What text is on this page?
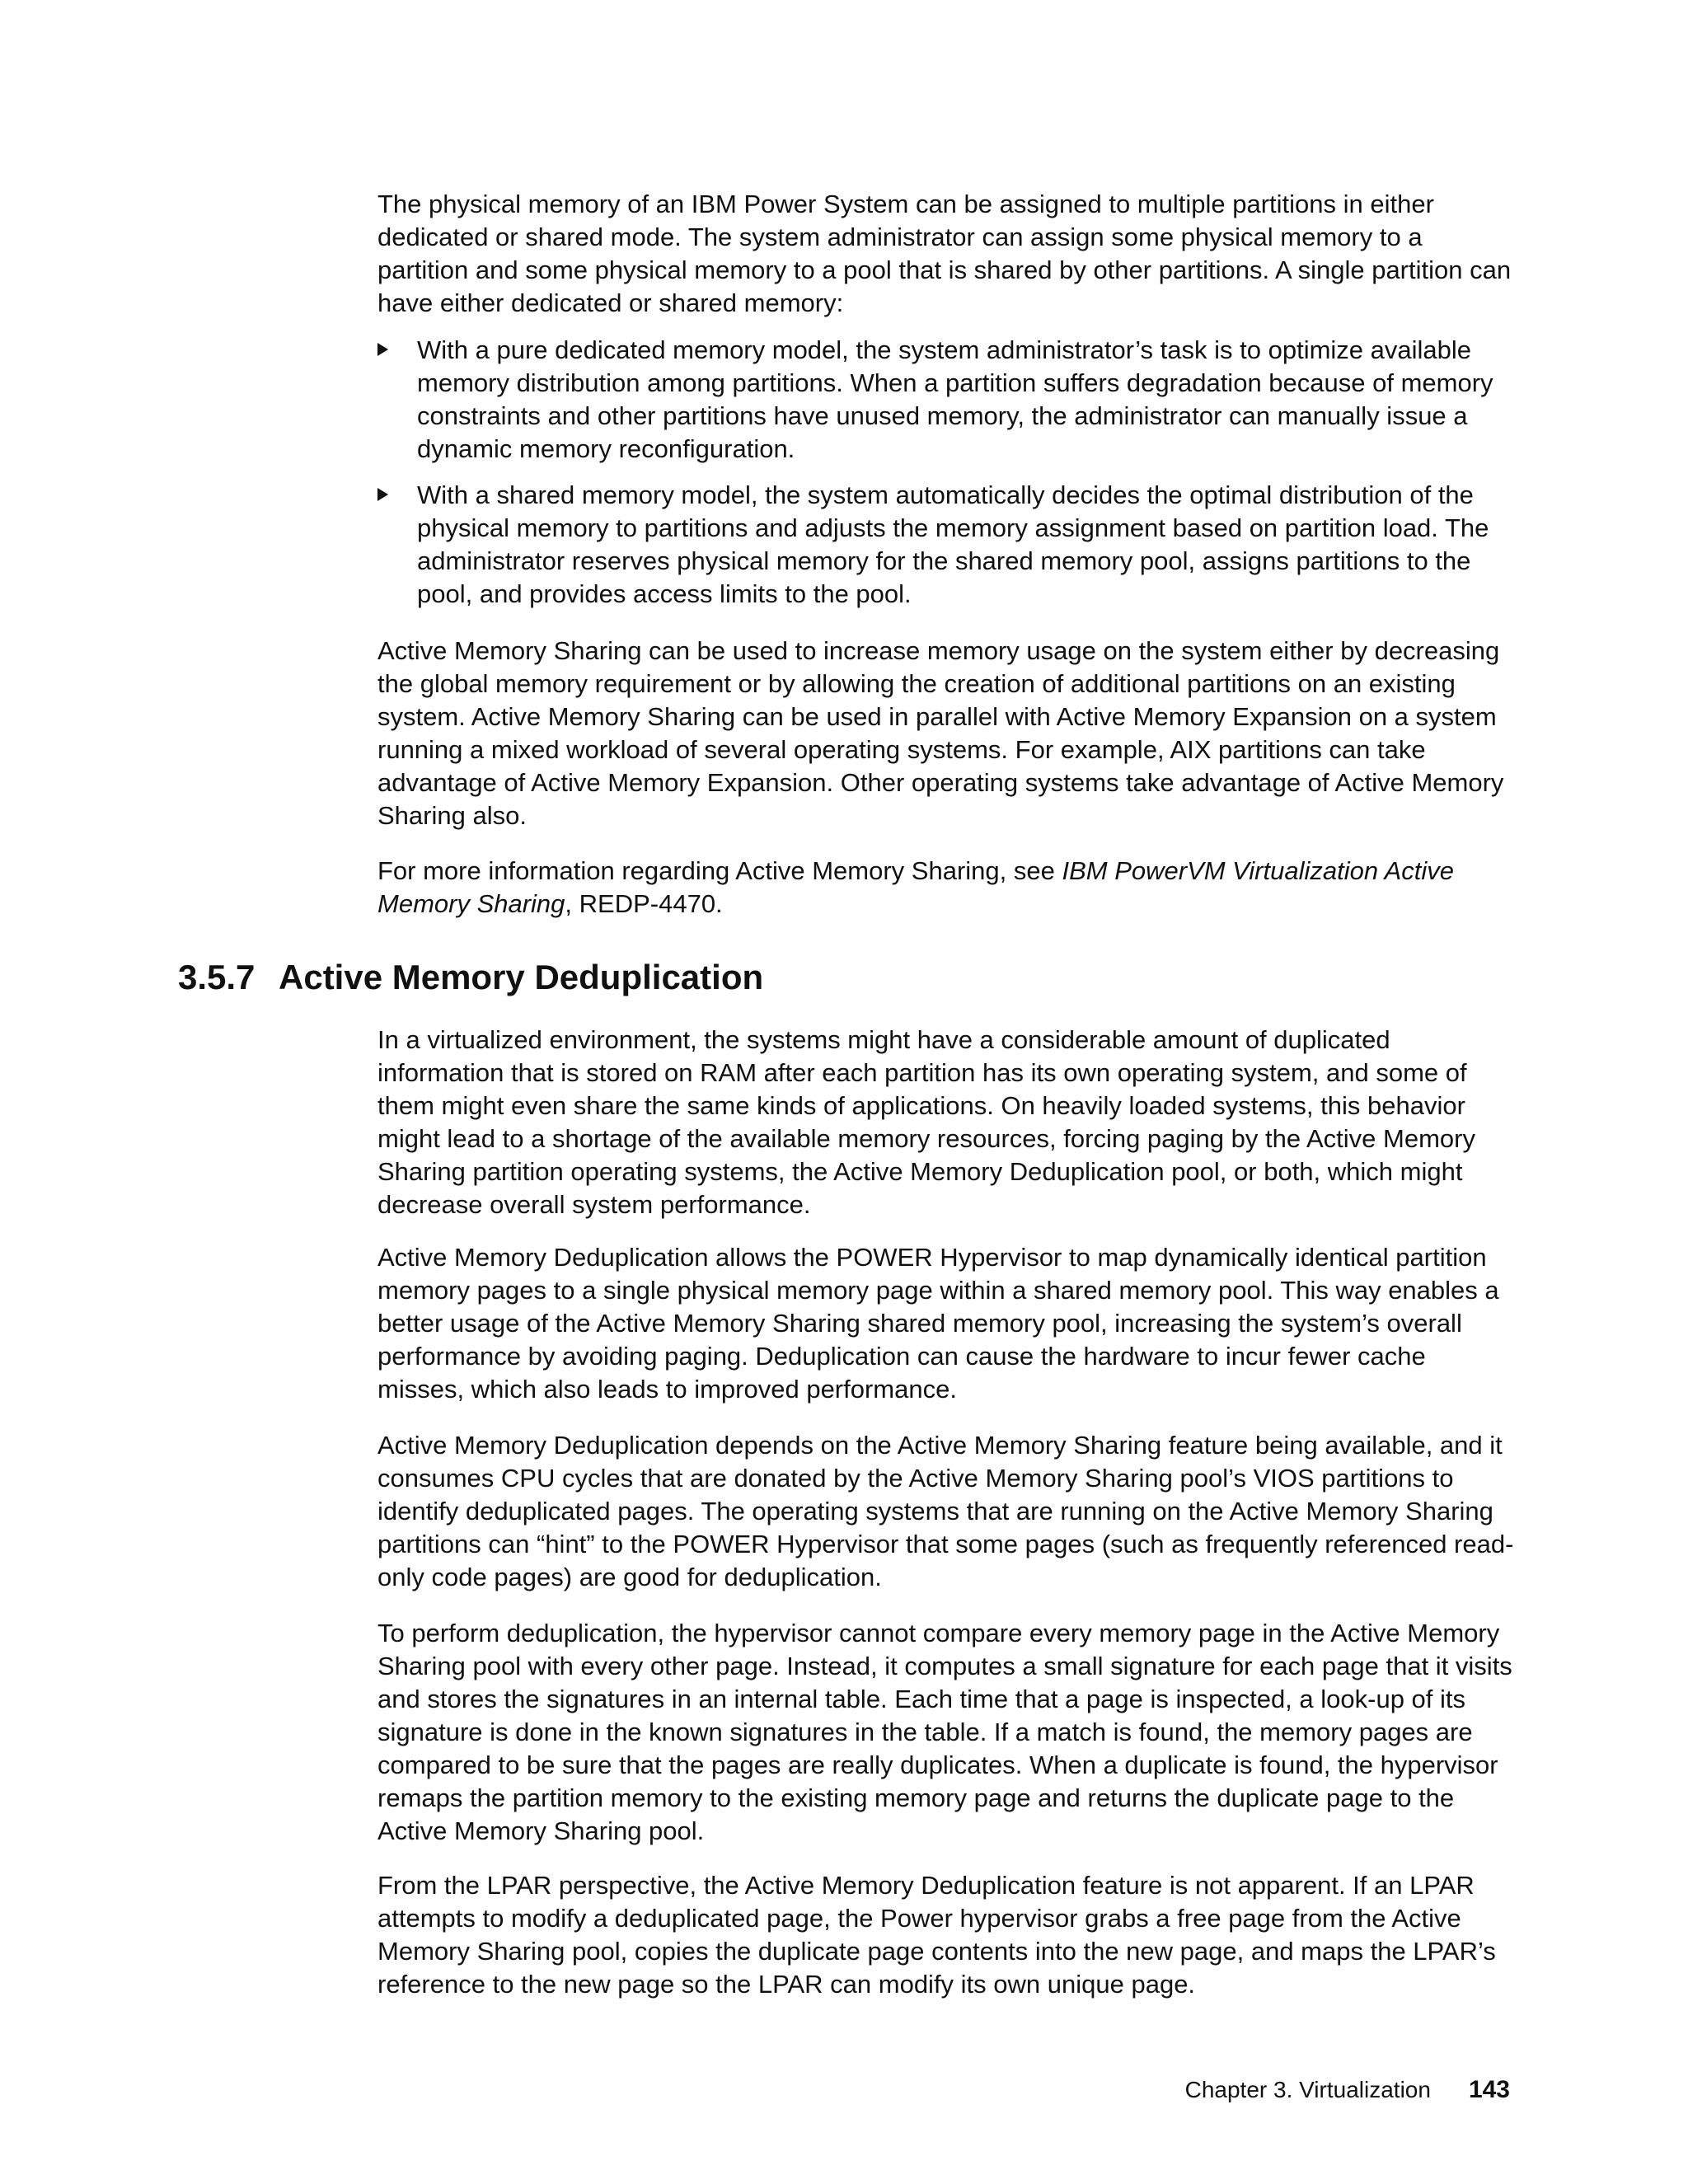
The physical memory of an IBM Power System can be assigned to multiple partitions in either dedicated or shared mode. The system administrator can assign some physical memory to a partition and some physical memory to a pool that is shared by other partitions. A single partition can have either dedicated or shared memory:

With a pure dedicated memory model, the system administrator’s task is to optimize available memory distribution among partitions. When a partition suffers degradation because of memory constraints and other partitions have unused memory, the administrator can manually issue a dynamic memory reconfiguration.
With a shared memory model, the system automatically decides the optimal distribution of the physical memory to partitions and adjusts the memory assignment based on partition load. The administrator reserves physical memory for the shared memory pool, assigns partitions to the pool, and provides access limits to the pool.

Active Memory Sharing can be used to increase memory usage on the system either by decreasing the global memory requirement or by allowing the creation of additional partitions on an existing system. Active Memory Sharing can be used in parallel with Active Memory Expansion on a system running a mixed workload of several operating systems. For example, AIX partitions can take advantage of Active Memory Expansion. Other operating systems take advantage of Active Memory Sharing also.

For more information regarding Active Memory Sharing, see IBM PowerVM Virtualization Active Memory Sharing, REDP-4470.

3.5.7 Active Memory Deduplication

In a virtualized environment, the systems might have a considerable amount of duplicated information that is stored on RAM after each partition has its own operating system, and some of them might even share the same kinds of applications. On heavily loaded systems, this behavior might lead to a shortage of the available memory resources, forcing paging by the Active Memory Sharing partition operating systems, the Active Memory Deduplication pool, or both, which might decrease overall system performance.

Active Memory Deduplication allows the POWER Hypervisor to map dynamically identical partition memory pages to a single physical memory page within a shared memory pool. This way enables a better usage of the Active Memory Sharing shared memory pool, increasing the system’s overall performance by avoiding paging. Deduplication can cause the hardware to incur fewer cache misses, which also leads to improved performance.

Active Memory Deduplication depends on the Active Memory Sharing feature being available, and it consumes CPU cycles that are donated by the Active Memory Sharing pool’s VIOS partitions to identify deduplicated pages. The operating systems that are running on the Active Memory Sharing partitions can “hint” to the POWER Hypervisor that some pages (such as frequently referenced read-only code pages) are good for deduplication.

To perform deduplication, the hypervisor cannot compare every memory page in the Active Memory Sharing pool with every other page. Instead, it computes a small signature for each page that it visits and stores the signatures in an internal table. Each time that a page is inspected, a look-up of its signature is done in the known signatures in the table. If a match is found, the memory pages are compared to be sure that the pages are really duplicates. When a duplicate is found, the hypervisor remaps the partition memory to the existing memory page and returns the duplicate page to the Active Memory Sharing pool.

From the LPAR perspective, the Active Memory Deduplication feature is not apparent. If an LPAR attempts to modify a deduplicated page, the Power hypervisor grabs a free page from the Active Memory Sharing pool, copies the duplicate page contents into the new page, and maps the LPAR’s reference to the new page so the LPAR can modify its own unique page.

Chapter 3. Virtualization 143
